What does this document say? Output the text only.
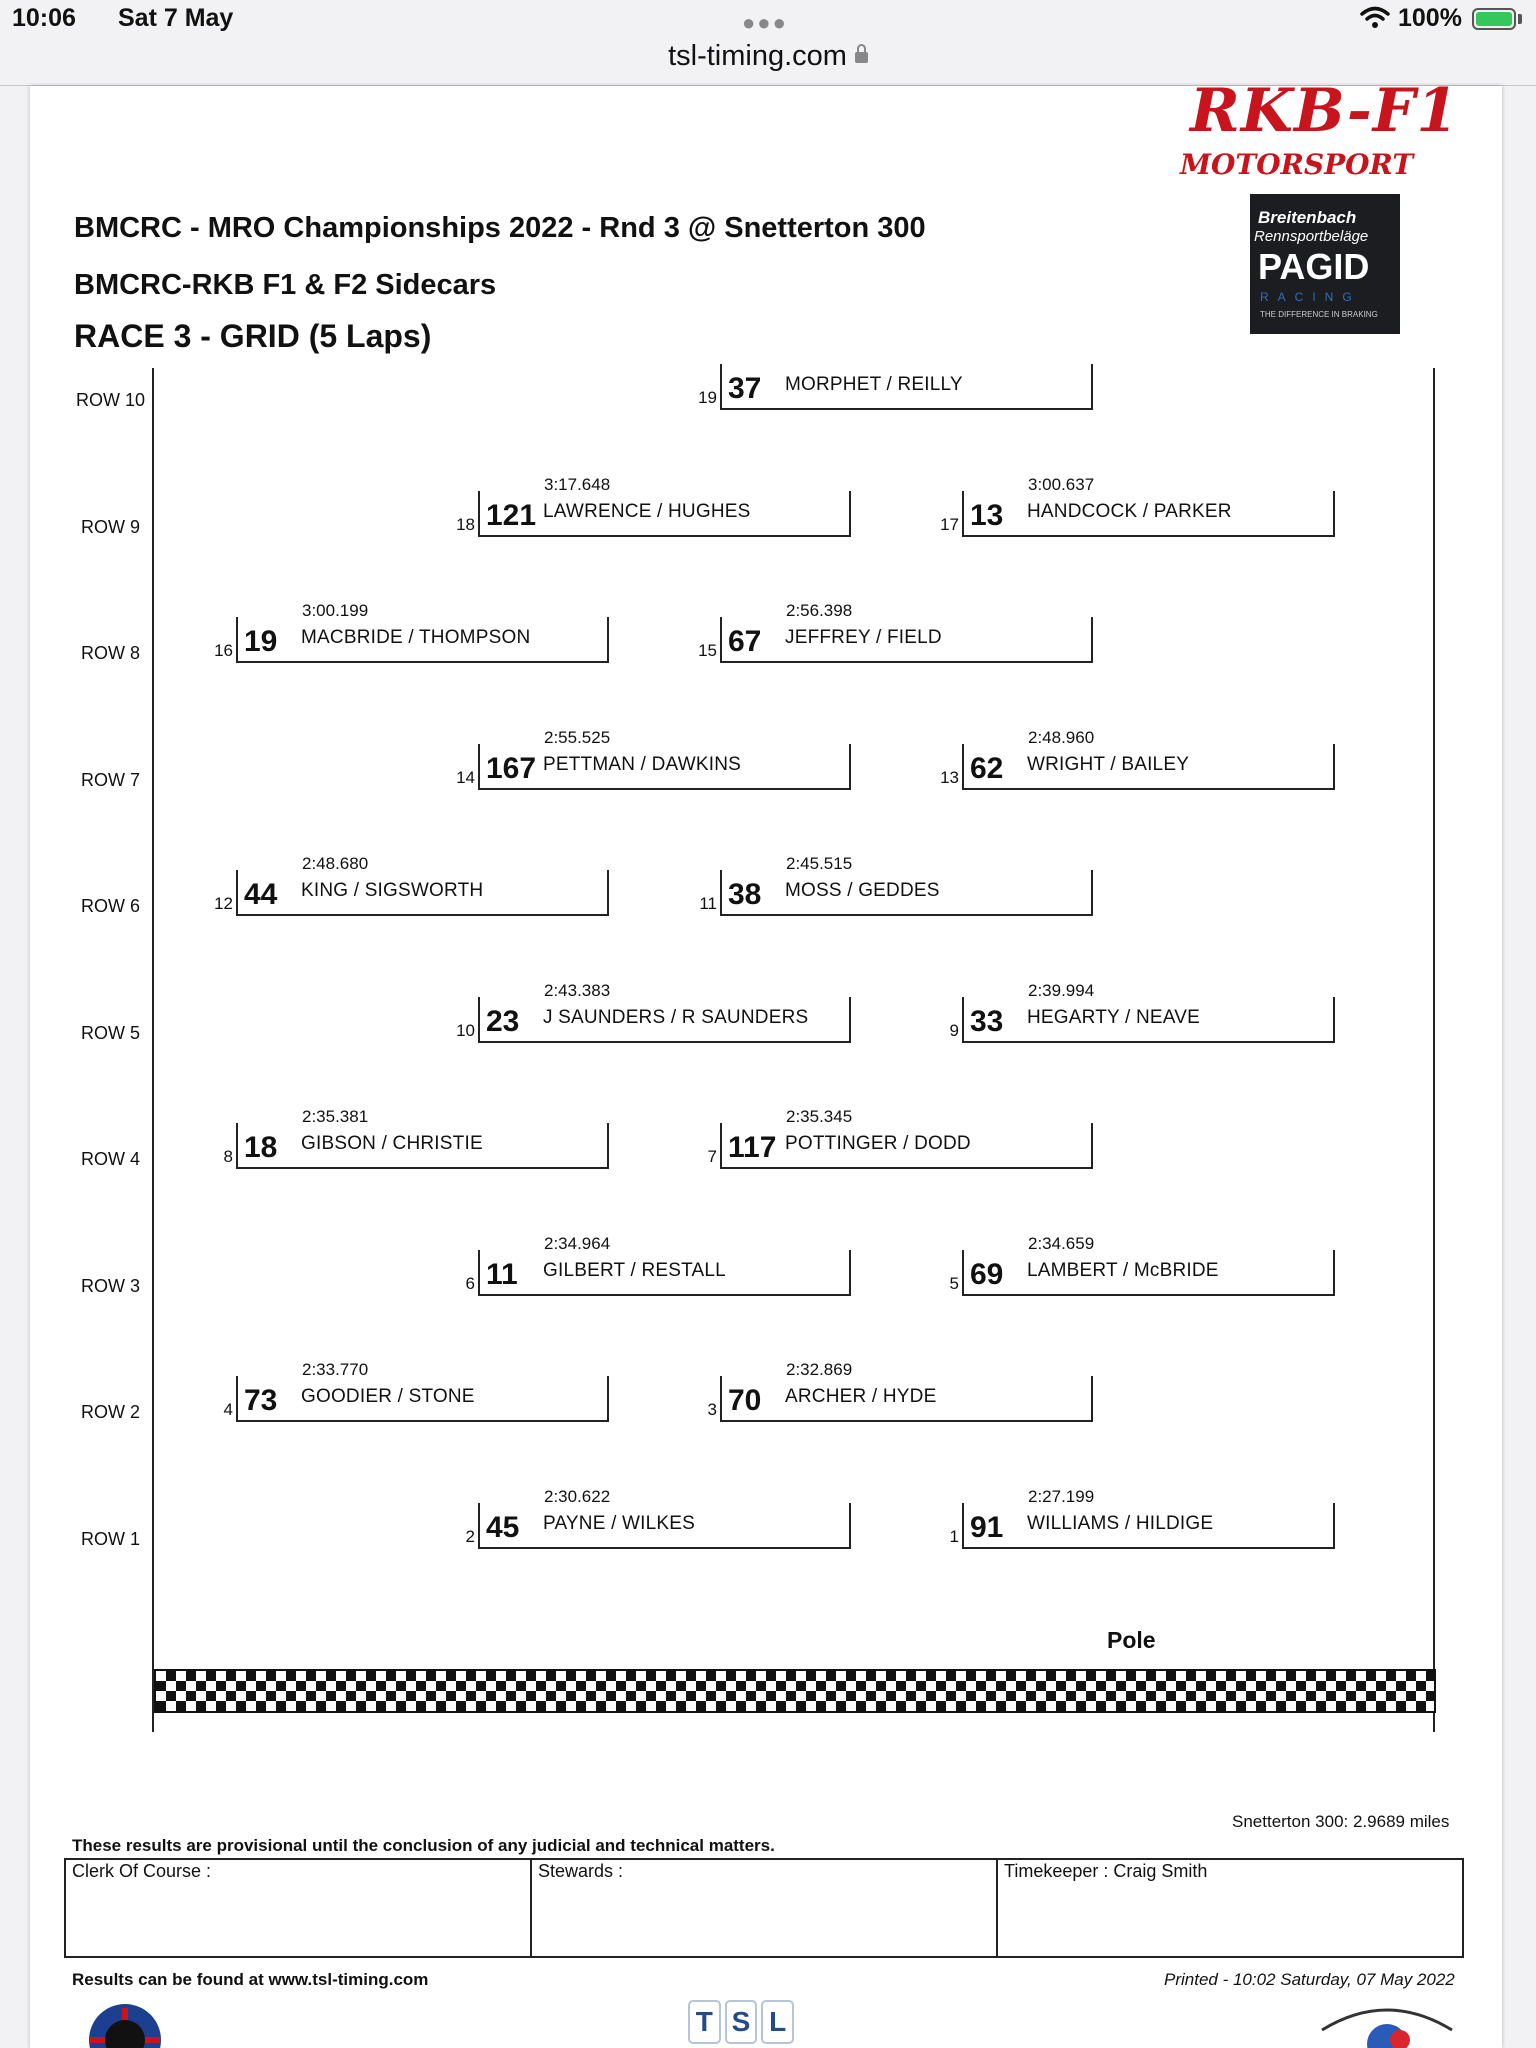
10:06 Sat 7 May	●●●	100%
tsl-timing.com
RKB-F1
MOTORSPORT
Breitenbach
Rennsportbeläge
PAGID
RACING
THE DIFFERENCE IN BRAKING
BMCRC - MRO Championships 2022 - Rnd 3 @ Snetterton 300
BMCRC-RKB F1 & F2 Sidecars
RACE 3 - GRID (5 Laps)
ROW 10	19 37 MORPHET / REILLY
ROW 9
3:17.648
18 121 LAWRENCE / HUGHES
3:00.637
17 13 HANDCOCK / PARKER
ROW 8
3:00.199
16 19 MACBRIDE / THOMPSON
2:56.398
15 67 JEFFREY / FIELD
ROW 7
2:55.525
14 167 PETTMAN / DAWKINS
2:48.960
13 62 WRIGHT / BAILEY
ROW 6
2:48.680
12 44 KING / SIGSWORTH
2:45.515
11 38 MOSS / GEDDES
ROW 5
2:43.383
10 23 J SAUNDERS / R SAUNDERS
2:39.994
9 33 HEGARTY / NEAVE
ROW 4
2:35.381
8 18 GIBSON / CHRISTIE
2:35.345
7 117 POTTINGER / DODD
ROW 3
2:34.964
6 11 GILBERT / RESTALL
2:34.659
5 69 LAMBERT / McBRIDE
ROW 2
2:33.770
4 73 GOODIER / STONE
2:32.869
3 70 ARCHER / HYDE
ROW 1
2:30.622
2 45 PAYNE / WILKES
2:27.199
1 91 WILLIAMS / HILDIGE
Pole
Snetterton 300: 2.9689 miles
These results are provisional until the conclusion of any judicial and technical matters.
Clerk Of Course :	Stewards :	Timekeeper : Craig Smith
Results can be found at www.tsl-timing.com	Printed - 10:02 Saturday, 07 May 2022
T S L
